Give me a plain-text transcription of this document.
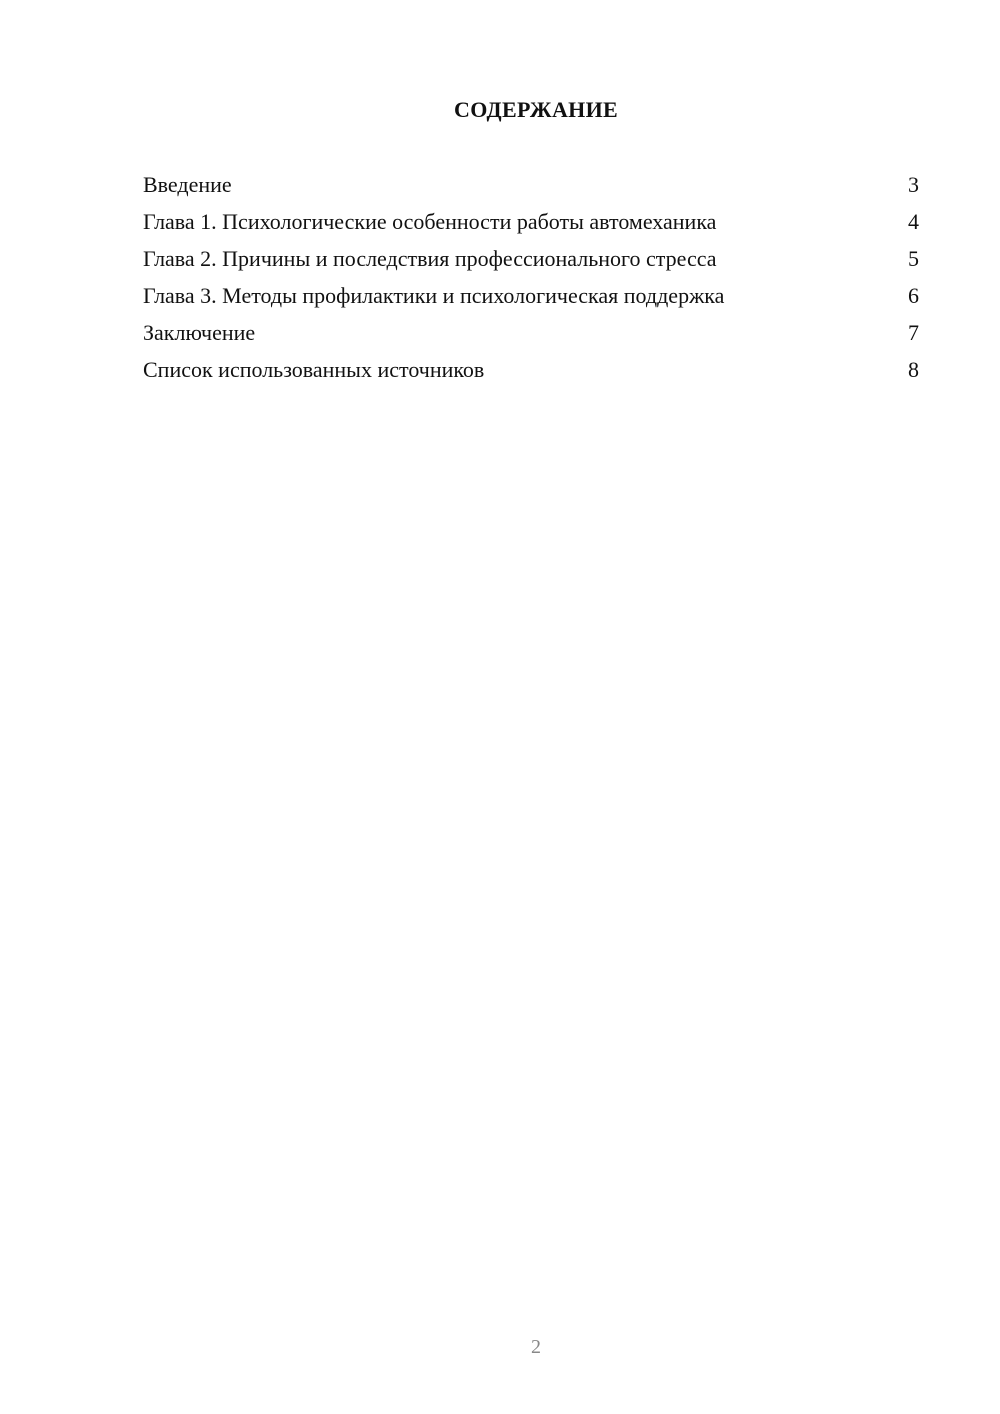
СОДЕРЖАНИЕ
Введение	3
Глава 1. Психологические особенности работы автомеханика	4
Глава 2. Причины и последствия профессионального стресса	5
Глава 3. Методы профилактики и психологическая поддержка	6
Заключение	7
Список использованных источников	8
2
